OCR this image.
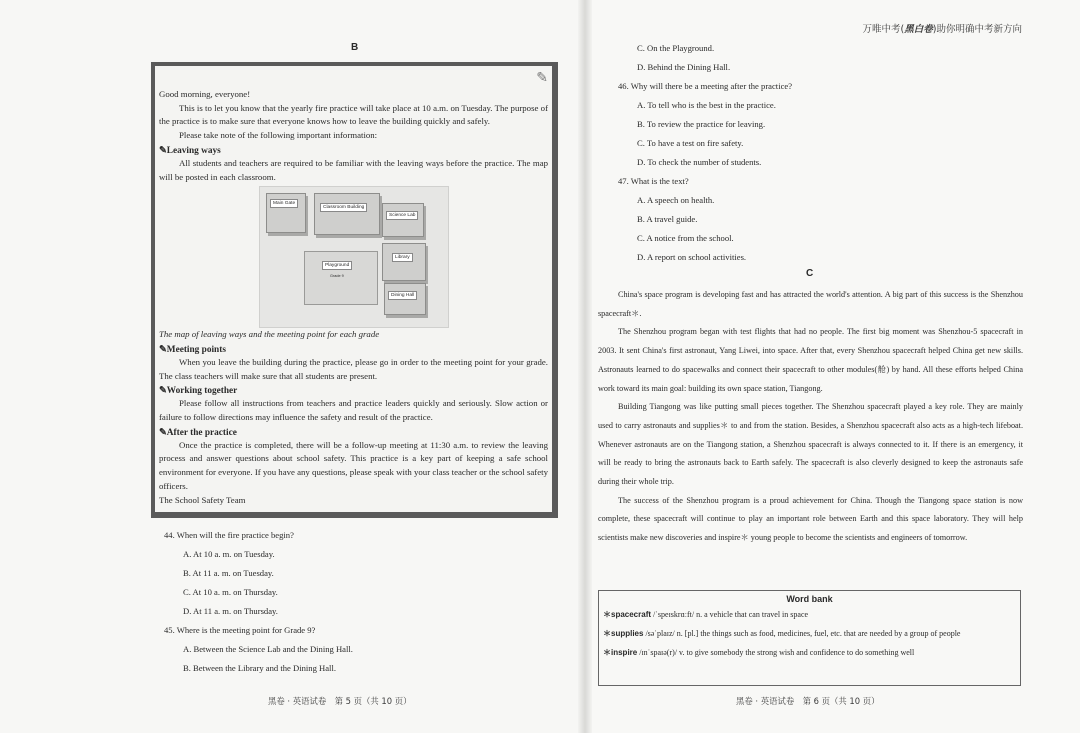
万唯中考(黑白卷)助你明确中考新方向
B
✎

Good morning, everyone!

This is to let you know that the yearly fire practice will take place at 10 a.m. on Tuesday. The purpose of the practice is to make sure that everyone knows how to leave the building quickly and safely.

Please take note of the following important information:

✎Leaving ways

All students and teachers are required to be familiar with the leaving ways before the practice. The map will be posted in each classroom.

Main Gate
Classroom Building
Science Lab
Library
Playground
Grade 9
Dining Hall

The map of leaving ways and the meeting point for each grade

✎Meeting points

When you leave the building during the practice, please go in order to the meeting point for your grade. The class teachers will make sure that all students are present.

✎Working together

Please follow all instructions from teachers and practice leaders quickly and seriously. Slow action or failure to follow directions may influence the safety and result of the practice.

✎After the practice

Once the practice is completed, there will be a follow-up meeting at 11:30 a.m. to review the leaving process and answer questions about school safety. This practice is a key part of keeping a safe school environment for everyone. If you have any questions, please speak with your class teacher or the school safety officers.

The School Safety Team

44. When will the fire practice begin?
A. At 10 a. m. on Tuesday.
B. At 11 a. m. on Tuesday.
C. At 10 a. m. on Thursday.
D. At 11 a. m. on Thursday.
45. Where is the meeting point for Grade 9?
A. Between the Science Lab and the Dining Hall.
B. Between the Library and the Dining Hall.
黑卷 · 英语试卷　第 5 页（共 10 页）
C. On the Playground.
D. Behind the Dining Hall.
46. Why will there be a meeting after the practice?
A. To tell who is the best in the practice.
B. To review the practice for leaving.
C. To have a test on fire safety.
D. To check the number of students.
47. What is the text?
A. A speech on health.
B. A travel guide.
C. A notice from the school.
D. A report on school activities.
C

China's space program is developing fast and has attracted the world's attention. A big part of this success is the Shenzhou spacecraft＊.

The Shenzhou program began with test flights that had no people. The first big moment was Shenzhou-5 spacecraft in 2003. It sent China's first astronaut, Yang Liwei, into space. After that, every Shenzhou spacecraft helped China get new skills. Astronauts learned to do spacewalks and connect their spacecraft to other modules(舱) by hand. All these efforts helped China work toward its main goal: building its own space station, Tiangong.

Building Tiangong was like putting small pieces together. The Shenzhou spacecraft played a key role. They are mainly used to carry astronauts and supplies＊ to and from the station. Besides, a Shenzhou spacecraft also acts as a high-tech lifeboat. Whenever astronauts are on the Tiangong station, a Shenzhou spacecraft is always connected to it. If there is an emergency, it will be ready to bring the astronauts back to Earth safely. The spacecraft is also cleverly designed to keep the astronauts safe during their whole trip.

The success of the Shenzhou program is a proud achievement for China. Though the Tiangong space station is now complete, these spacecraft will continue to play an important role between Earth and this space laboratory. They will help scientists make new discoveries and inspire＊ young people to become the scientists and engineers of tomorrow.

Word bank

＊spacecraft /ˈspeɪskrɑːft/ n. a vehicle that can travel in space

＊supplies /səˈplaɪz/ n. [pl.] the things such as food, medicines, fuel, etc. that are needed by a group of people

＊inspire /ɪnˈspaɪə(r)/ v. to give somebody the strong wish and confidence to do something well

黑卷 · 英语试卷　第 6 页（共 10 页）
